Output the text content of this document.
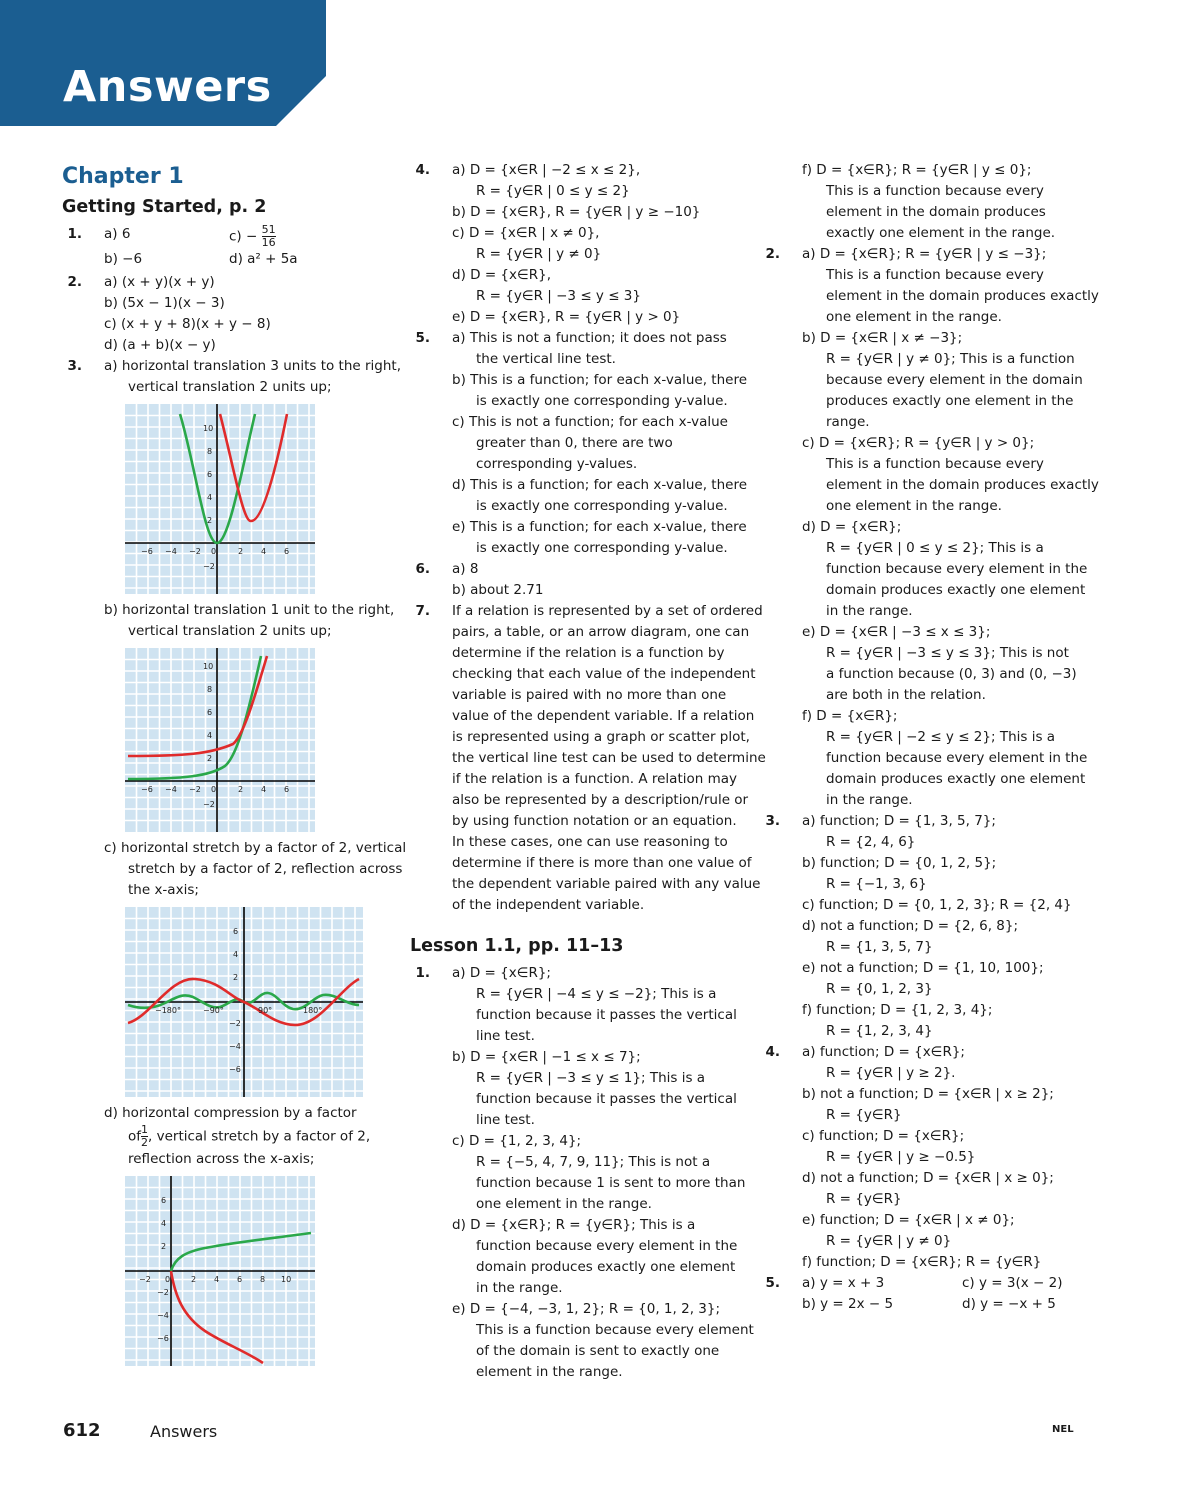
Answers
Chapter 1
Getting Started, p. 2
1. a) 6	$c) - \frac{51}{16}$
b) −6	d) a² + 5a
2. a) (x + y)(x + y)
b) (5x − 1)(x − 3)
c) (x + y + 8)(x + y − 8)
d) (a + b)(x − y)
3. a) horizontal translation 3 units to the right,
vertical translation 2 units up;
−6 −4 −2 0	2 4 6
10
8
6
4
2
−2
b) horizontal translation 1 unit to the right,
vertical translation 2 units up;
−6 −4 −2 0	2 4 6
10
8
6
4
2
−2
c) horizontal stretch by a factor of 2, vertical
stretch by a factor of 2, reflection across
the x-axis;
−180°	−90°	90°	180°
6
4
2
−2
−4
−6
d) horizontal compression by a factor
of $\frac{1}{2}$ , vertical stretch by a factor of 2,
reflection across the x-axis;
−2 0	2 4 6 8 10
6
4
2
−2
−4
−6
4. a) D = {x∈R | −2 ≤ x ≤ 2},
R = {y∈R | 0 ≤ y ≤ 2}
b) D = {x∈R}, R = {y∈R | y ≥ −10}
c) D = {x∈R | x ≠ 0},
R = {y∈R | y ≠ 0}
d) D = {x∈R},
R = {y∈R | −3 ≤ y ≤ 3}
e) D = {x∈R}, R = {y∈R | y > 0}
5. a) This is not a function; it does not pass
the vertical line test.
b) This is a function; for each x-value, there
is exactly one corresponding y-value.
c) This is not a function; for each x-value
greater than 0, there are two
corresponding y-values.
d) This is a function; for each x-value, there
is exactly one corresponding y-value.
e) This is a function; for each x-value, there
is exactly one corresponding y-value.
6. a) 8
b) about 2.71
7. If a relation is represented by a set of ordered
pairs, a table, or an arrow diagram, one can
determine if the relation is a function by
checking that each value of the independent
variable is paired with no more than one
value of the dependent variable. If a relation
is represented using a graph or scatter plot,
the vertical line test can be used to determine
if the relation is a function. A relation may
also be represented by a description/rule or
by using function notation or an equation.
In these cases, one can use reasoning to
determine if there is more than one value of
the dependent variable paired with any value
of the independent variable.
Lesson 1.1, pp. 11–13
1. a) D = {x∈R};
R = {y∈R | −4 ≤ y ≤ −2}; This is a
function because it passes the vertical
line test.
b) D = {x∈R | −1 ≤ x ≤ 7};
R = {y∈R | −3 ≤ y ≤ 1}; This is a
function because it passes the vertical
line test.
c) D = {1, 2, 3, 4};
R = {−5, 4, 7, 9, 11}; This is not a
function because 1 is sent to more than
one element in the range.
d) D = {x∈R}; R = {y∈R}; This is a
function because every element in the
domain produces exactly one element
in the range.
e) D = {−4, −3, 1, 2}; R = {0, 1, 2, 3};
This is a function because every element
of the domain is sent to exactly one
element in the range.
f) D = {x∈R}; R = {y∈R | y ≤ 0};
This is a function because every
element in the domain produces
exactly one element in the range.
2. a) D = {x∈R}; R = {y∈R | y ≤ −3};
This is a function because every
element in the domain produces exactly
one element in the range.
b) D = {x∈R | x ≠ −3};
R = {y∈R | y ≠ 0}; This is a function
because every element in the domain
produces exactly one element in the
range.
c) D = {x∈R}; R = {y∈R | y > 0};
This is a function because every
element in the domain produces exactly
one element in the range.
d) D = {x∈R};
R = {y∈R | 0 ≤ y ≤ 2}; This is a
function because every element in the
domain produces exactly one element
in the range.
e) D = {x∈R | −3 ≤ x ≤ 3};
R = {y∈R | −3 ≤ y ≤ 3}; This is not
a function because (0, 3) and (0, −3)
are both in the relation.
f) D = {x∈R};
R = {y∈R | −2 ≤ y ≤ 2}; This is a
function because every element in the
domain produces exactly one element
in the range.
3. a) function; D = {1, 3, 5, 7};
R = {2, 4, 6}
b) function; D = {0, 1, 2, 5};
R = {−1, 3, 6}
c) function; D = {0, 1, 2, 3}; R = {2, 4}
d) not a function; D = {2, 6, 8};
R = {1, 3, 5, 7}
e) not a function; D = {1, 10, 100};
R = {0, 1, 2, 3}
f) function; D = {1, 2, 3, 4};
R = {1, 2, 3, 4}
4. a) function; D = {x∈R};
R = {y∈R | y ≥ 2}.
b) not a function; D = {x∈R | x ≥ 2};
R = {y∈R}
c) function; D = {x∈R};
R = {y∈R | y ≥ −0.5}
d) not a function; D = {x∈R | x ≥ 0};
R = {y∈R}
e) function; D = {x∈R | x ≠ 0};
R = {y∈R | y ≠ 0}
f) function; D = {x∈R}; R = {y∈R}
5. a) y = x + 3	c) y = 3(x − 2)
b) y = 2x − 5	d) y = −x + 5
612	Answers	NEL
